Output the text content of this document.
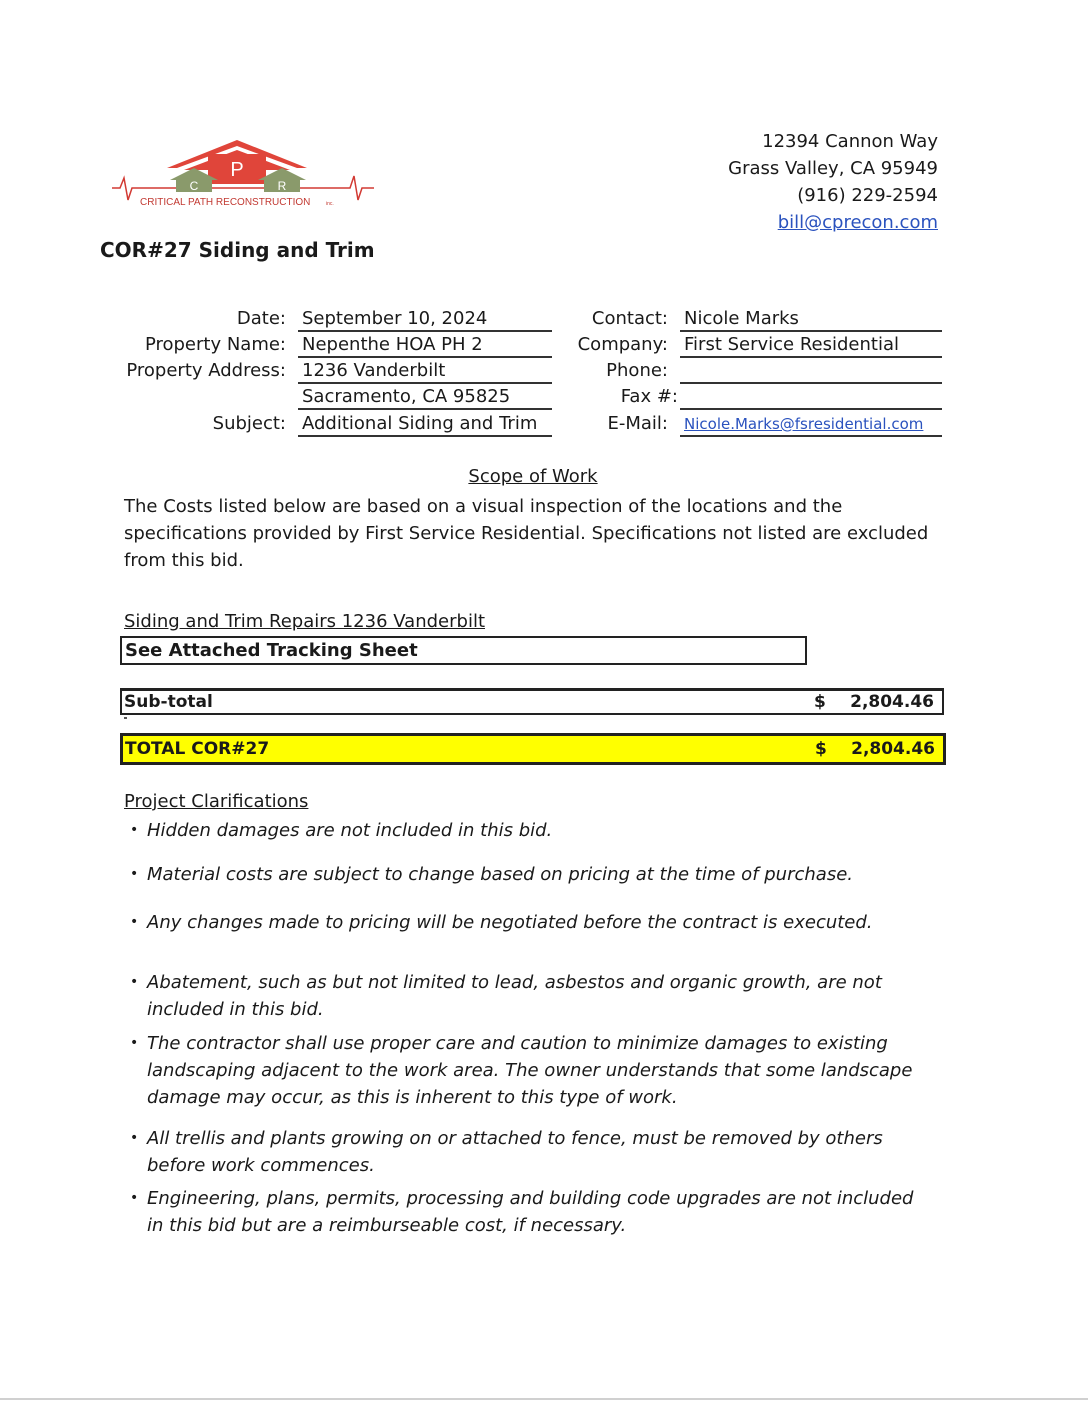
P
C	R
CRITICAL PATH RECONSTRUCTION	inc.
12394 Cannon Way
Grass Valley, CA 95949
(916) 229-2594
bill@cprecon.com
COR#27 Siding and Trim
Date: September 10, 2024	Contact: Nicole Marks
Property Name: Nepenthe HOA PH 2	Company: First Service Residential
Property Address: 1236 Vanderbilt	Phone:
Sacramento, CA 95825	Fax #:
Subject: Additional Siding and Trim	E-Mail: Nicole.Marks@fsresidential.com
Scope of Work
The Costs listed below are based on a visual inspection of the locations and the specifications provided by First Service Residential. Specifications not listed are excluded from this bid.
Siding and Trim Repairs 1236 Vanderbilt
See Attached Tracking Sheet
Sub-total	$ 2,804.46
TOTAL COR#27	$ 2,804.46
Project Clarifications
• Hidden damages are not included in this bid.
• Material costs are subject to change based on pricing at the time of purchase.
• Any changes made to pricing will be negotiated before the contract is executed.
• Abatement, such as but not limited to lead, asbestos and organic growth, are not included in this bid.
• The contractor shall use proper care and caution to minimize damages to existing landscaping adjacent to the work area. The owner understands that some landscape damage may occur, as this is inherent to this type of work.
• All trellis and plants growing on or attached to fence, must be removed by others before work commences.
• Engineering, plans, permits, processing and building code upgrades are not included in this bid but are a reimburseable cost, if necessary.
